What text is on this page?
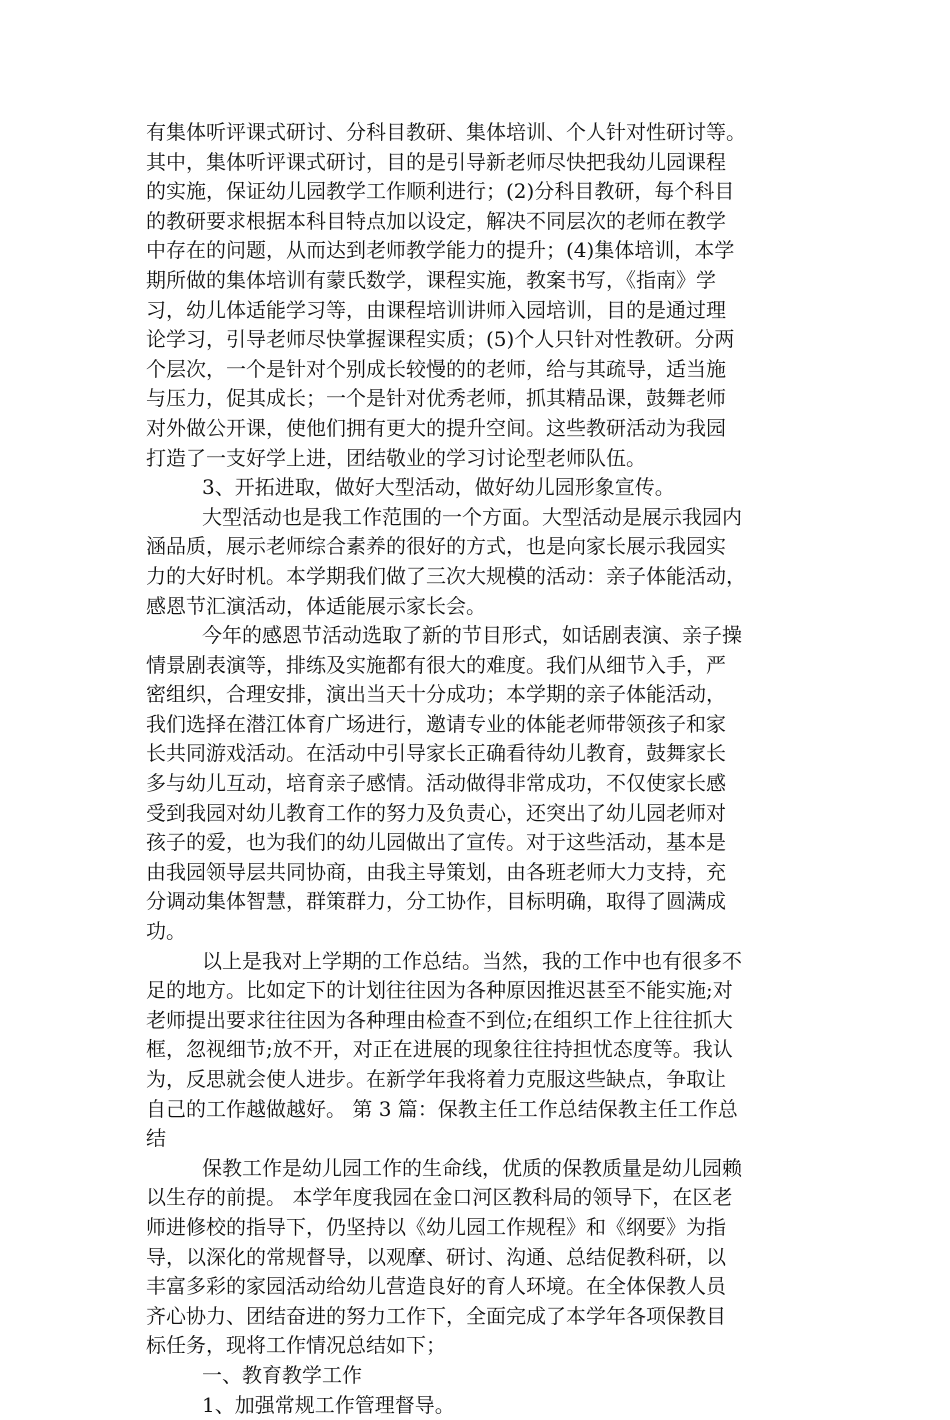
有集体听评课式研讨、分科目教研、集体培训、个人针对性研讨等。
其中，集体听评课式研讨，目的是引导新老师尽快把我幼儿园课程
的实施，保证幼儿园教学工作顺利进行；(2)分科目教研，每个科目
的教研要求根据本科目特点加以设定，解决不同层次的老师在教学
中存在的问题，从而达到老师教学能力的提升；(4)集体培训，本学
期所做的集体培训有蒙氏数学，课程实施，教案书写，《指南》学
习，幼儿体适能学习等，由课程培训讲师入园培训，目的是通过理
论学习，引导老师尽快掌握课程实质；(5)个人只针对性教研。分两
个层次，一个是针对个别成长较慢的的老师，给与其疏导，适当施
与压力，促其成长；一个是针对优秀老师，抓其精品课，鼓舞老师
对外做公开课，使他们拥有更大的提升空间。这些教研活动为我园
打造了一支好学上进，团结敬业的学习讨论型老师队伍。
3、开拓进取，做好大型活动，做好幼儿园形象宣传。
大型活动也是我工作范围的一个方面。大型活动是展示我园内
涵品质，展示老师综合素养的很好的方式，也是向家长展示我园实
力的大好时机。本学期我们做了三次大规模的活动：亲子体能活动，
感恩节汇演活动，体适能展示家长会。
今年的感恩节活动选取了新的节目形式，如话剧表演、亲子操
情景剧表演等，排练及实施都有很大的难度。我们从细节入手，严
密组织，合理安排，演出当天十分成功；本学期的亲子体能活动，
我们选择在潜江体育广场进行，邀请专业的体能老师带领孩子和家
长共同游戏活动。在活动中引导家长正确看待幼儿教育，鼓舞家长
多与幼儿互动，培育亲子感情。活动做得非常成功，不仅使家长感
受到我园对幼儿教育工作的努力及负责心，还突出了幼儿园老师对
孩子的爱，也为我们的幼儿园做出了宣传。对于这些活动，基本是
由我园领导层共同协商，由我主导策划，由各班老师大力支持，充
分调动集体智慧，群策群力，分工协作，目标明确，取得了圆满成
功。
以上是我对上学期的工作总结。当然，我的工作中也有很多不
足的地方。比如定下的计划往往因为各种原因推迟甚至不能实施;对
老师提出要求往往因为各种理由检查不到位;在组织工作上往往抓大
框，忽视细节;放不开，对正在进展的现象往往持担忧态度等。我认
为，反思就会使人进步。在新学年我将着力克服这些缺点，争取让
自己的工作越做越好。 第 3 篇：保教主任工作总结保教主任工作总
结
保教工作是幼儿园工作的生命线，优质的保教质量是幼儿园赖
以生存的前提。 本学年度我园在金口河区教科局的领导下，在区老
师进修校的指导下，仍坚持以《幼儿园工作规程》和《纲要》为指
导，以深化的常规督导，以观摩、研讨、沟通、总结促教科研，以
丰富多彩的家园活动给幼儿营造良好的育人环境。在全体保教人员
齐心协力、团结奋进的努力工作下，全面完成了本学年各项保教目
标任务，现将工作情况总结如下；
一、教育教学工作
1、加强常规工作管理督导。
